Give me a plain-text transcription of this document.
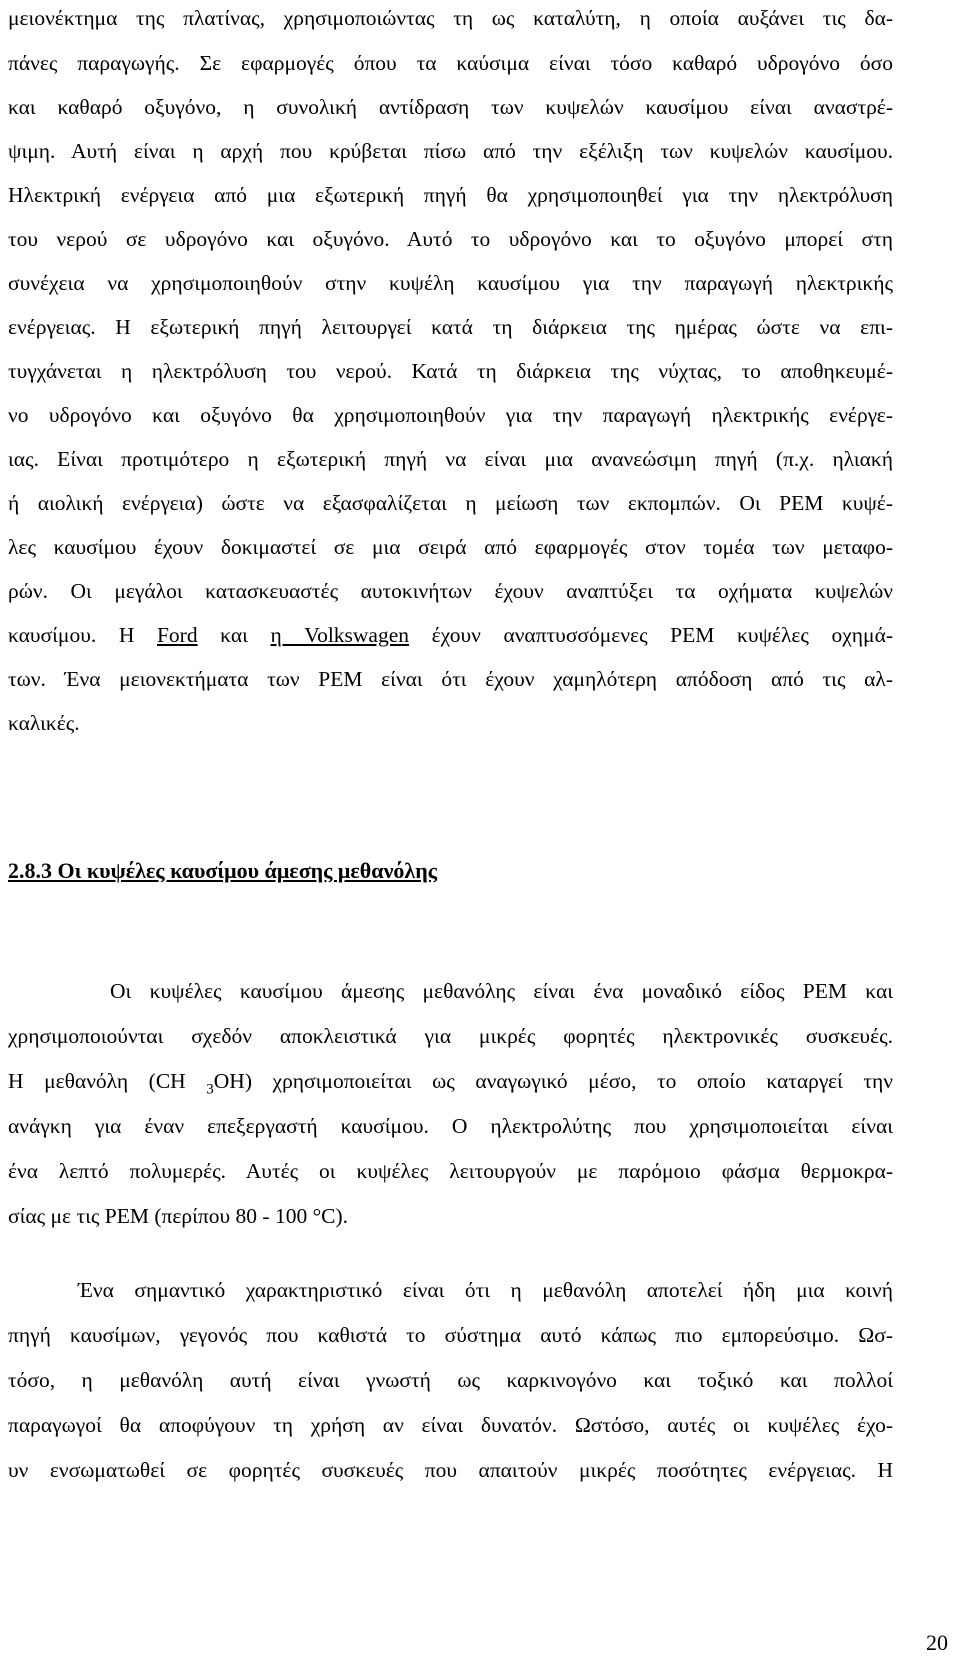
μειονέκτημα της πλατίνας, χρησιμοποιώντας τη ως καταλύτη, η οποία αυξάνει τις δα-
πάνες παραγωγής. Σε εφαρμογές όπου τα καύσιμα είναι τόσο καθαρό υδρογόνο όσο
και καθαρό οξυγόνο, η συνολική αντίδραση των κυψελών καυσίμου είναι αναστρέ-
ψιμη. Αυτή είναι η αρχή που κρύβεται πίσω από την εξέλιξη των κυψελών καυσίμου.
Ηλεκτρική ενέργεια από μια εξωτερική πηγή θα χρησιμοποιηθεί για την ηλεκτρόλυση
του νερού σε υδρογόνο και οξυγόνο. Αυτό το υδρογόνο και το οξυγόνο μπορεί στη
συνέχεια να χρησιμοποιηθούν στην κυψέλη καυσίμου για την παραγωγή ηλεκτρικής
ενέργειας. Η εξωτερική πηγή λειτουργεί κατά τη διάρκεια της ημέρας ώστε να επι-
τυγχάνεται η ηλεκτρόλυση του νερού. Κατά τη διάρκεια της νύχτας, το αποθηκευμέ-
νο υδρογόνο και οξυγόνο θα χρησιμοποιηθούν για την παραγωγή ηλεκτρικής ενέργε-
ιας. Είναι προτιμότερο η εξωτερική πηγή να είναι μια ανανεώσιμη πηγή (π.χ. ηλιακή
ή αιολική ενέργεια) ώστε να εξασφαλίζεται η μείωση των εκπομπών. Οι PEM κυψέ-
λες καυσίμου έχουν δοκιμαστεί σε μια σειρά από εφαρμογές στον τομέα των μεταφο-
ρών. Οι μεγάλοι κατασκευαστές αυτοκινήτων έχουν αναπτύξει τα οχήματα κυψελών
καυσίμου. Η Ford και η Volkswagen έχουν αναπτυσσόμενες PEM κυψέλες οχημά-
των. Ένα μειονεκτήματα των PEM είναι ότι έχουν χαμηλότερη απόδοση από τις αλ-
καλικές.
2.8.3 Οι κυψέλες καυσίμου άμεσης μεθανόλης
Οι κυψέλες καυσίμου άμεσης μεθανόλης είναι ένα μοναδικό είδος PEM και
χρησιμοποιούνται σχεδόν αποκλειστικά για μικρές φορητές ηλεκτρονικές συσκευές.
Η μεθανόλη (CH $_3$OH) χρησιμοποιείται ως αναγωγικό μέσο, το οποίο καταργεί την
ανάγκη για έναν επεξεργαστή καυσίμου. Ο ηλεκτρολύτης που χρησιμοποιείται είναι
ένα λεπτό πολυμερές. Αυτές οι κυψέλες λειτουργούν με παρόμοιο φάσμα θερμοκρα-
σίας με τις PEM (περίπου 80 - 100 °C).
Ένα σημαντικό χαρακτηριστικό είναι ότι η μεθανόλη αποτελεί ήδη μια κοινή
πηγή καυσίμων, γεγονός που καθιστά το σύστημα αυτό κάπως πιο εμπορεύσιμο. Ωσ-
τόσο, η μεθανόλη αυτή είναι γνωστή ως καρκινογόνο και τοξικό και πολλοί
παραγωγοί θα αποφύγουν τη χρήση αν είναι δυνατόν. Ωστόσο, αυτές οι κυψέλες έχο-
υν ενσωματωθεί σε φορητές συσκευές που απαιτούν μικρές ποσότητες ενέργειας. Η
20
